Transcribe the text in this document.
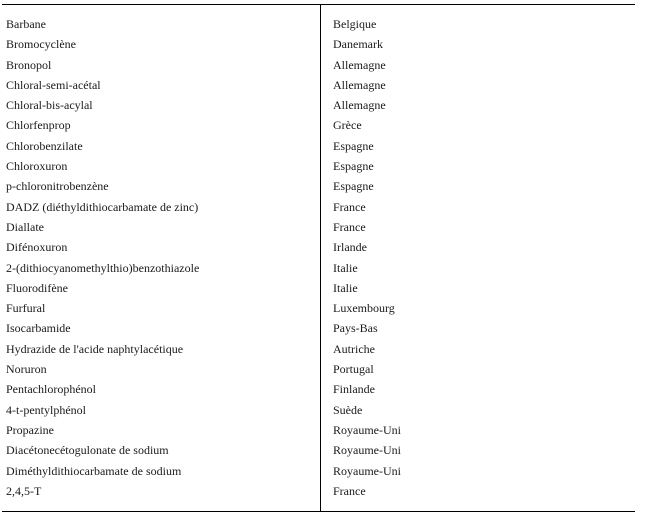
Barbane	Belgique
Bromocyclène	Danemark
Bronopol	Allemagne
Chloral-semi-acétal	Allemagne
Chloral-bis-acylal	Allemagne
Chlorfenprop	Grèce
Chlorobenzilate	Espagne
Chloroxuron	Espagne
p-chloronitrobenzène	Espagne
DADZ (diéthyldithiocarbamate de zinc)	France
Diallate	France
Difénoxuron	Irlande
2-(dithiocyanomethylthio)benzothiazole	Italie
Fluorodifène	Italie
Furfural	Luxembourg
Isocarbamide	Pays-Bas
Hydrazide de l'acide naphtylacétique	Autriche
Noruron	Portugal
Pentachlorophénol	Finlande
4-t-pentylphénol	Suède
Propazine	Royaume-Uni
Diacétonecétogulonate de sodium	Royaume-Uni
Diméthyldithiocarbamate de sodium	Royaume-Uni
2,4,5-T	France
